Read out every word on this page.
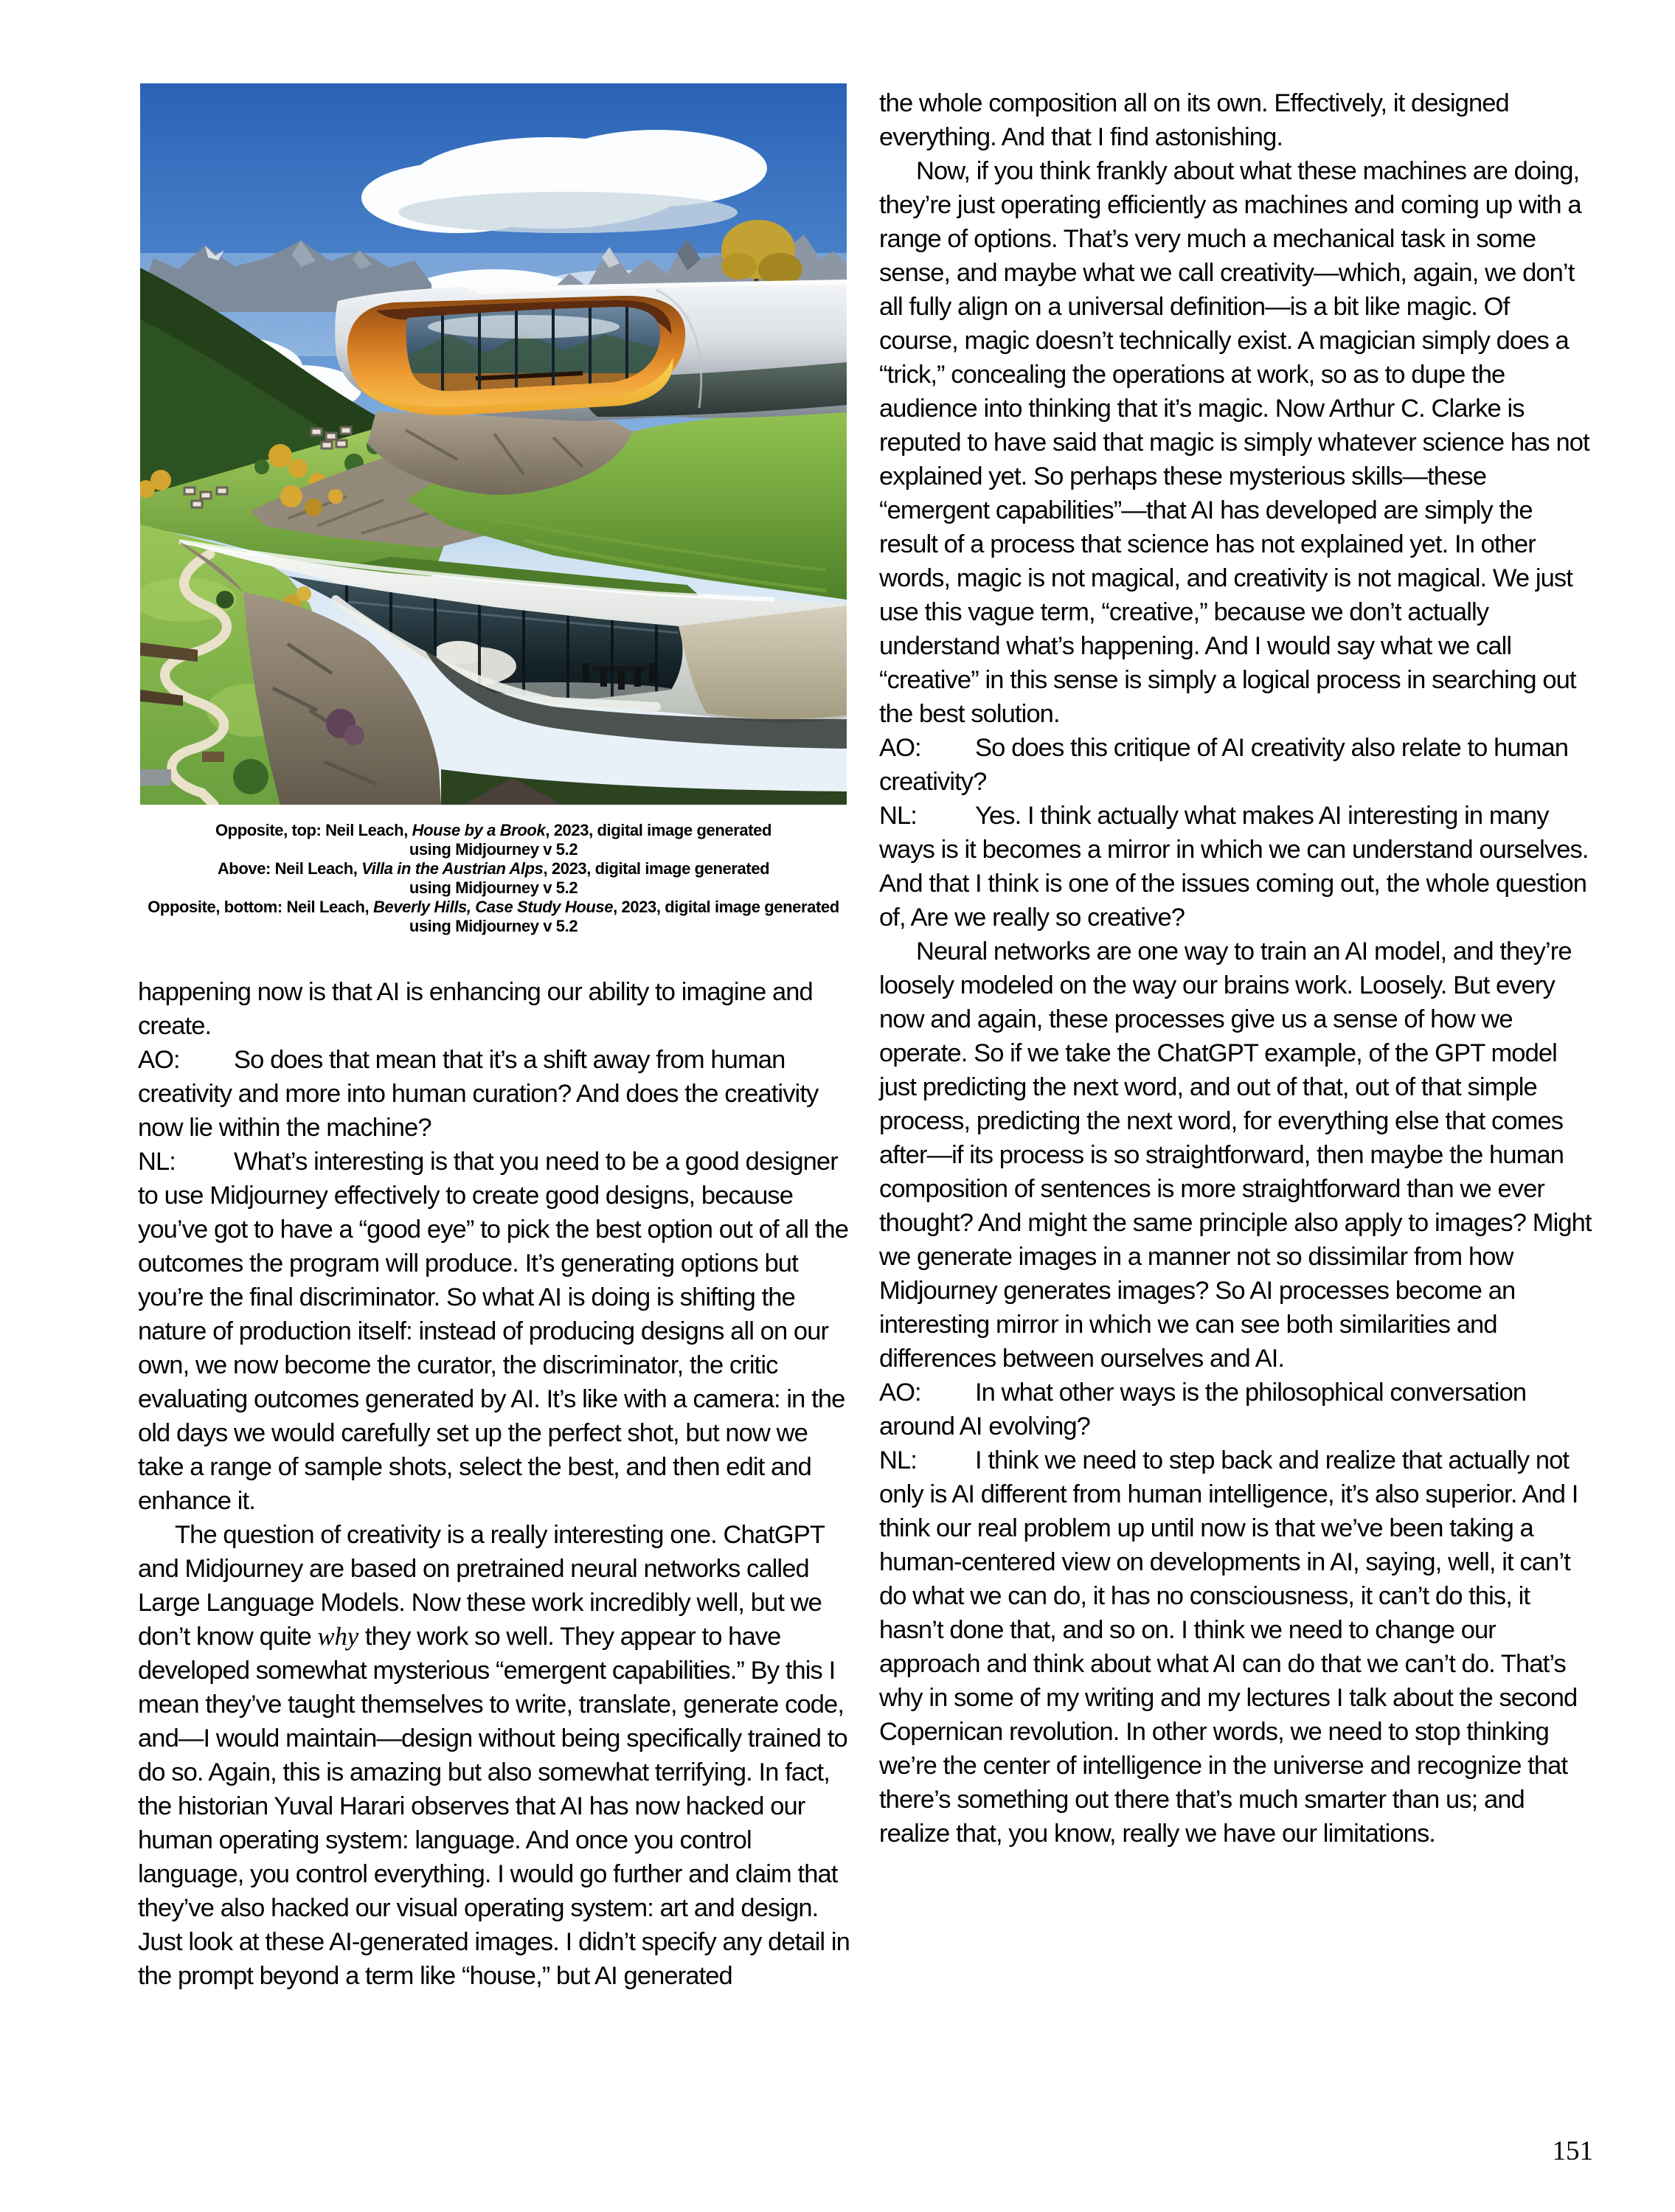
Opposite, top: Neil Leach, House by a Brook, 2023, digital image generated
using Midjourney v 5.2
Above: Neil Leach, Villa in the Austrian Alps, 2023, digital image generated
using Midjourney v 5.2
Opposite, bottom: Neil Leach, Beverly Hills, Case Study House, 2023, digital image generated
using Midjourney v 5.2

happening now is that AI is enhancing our ability to imagine and create.

AO: So does that mean that it’s a shift away from human creativity and more into human curation? And does the creativity now lie within the machine?

NL: What’s interesting is that you need to be a good designer to use Midjourney effectively to create good designs, because you’ve got to have a “good eye” to pick the best option out of all the outcomes the program will produce. It’s generating options but you’re the final discriminator. So what AI is doing is shifting the nature of production itself: instead of producing designs all on our own, we now become the curator, the discriminator, the critic evaluating outcomes generated by AI. It’s like with a camera: in the old days we would carefully set up the perfect shot, but now we take a range of sample shots, select the best, and then edit and enhance it.

The question of creativity is a really interesting one. ChatGPT and Midjourney are based on pretrained neural networks called Large Language Models. Now these work incredibly well, but we don’t know quite why they work so well. They appear to have developed somewhat mysterious “emergent capabilities.” By this I mean they’ve taught themselves to write, translate, generate code, and—I would maintain—design without being specifically trained to do so. Again, this is amazing but also somewhat terrifying. In fact, the historian Yuval Harari observes that AI has now hacked our human operating system: language. And once you control language, you control everything. I would go further and claim that they’ve also hacked our visual operating system: art and design. Just look at these AI-generated images. I didn’t specify any detail in the prompt beyond a term like “house,” but AI generated

the whole composition all on its own. Effectively, it designed everything. And that I find astonishing.

Now, if you think frankly about what these machines are doing, they’re just operating efficiently as machines and coming up with a range of options. That’s very much a mechanical task in some sense, and maybe what we call creativity—which, again, we don’t all fully align on a universal definition—is a bit like magic. Of course, magic doesn’t technically exist. A magician simply does a “trick,” concealing the operations at work, so as to dupe the audience into thinking that it’s magic. Now Arthur C. Clarke is reputed to have said that magic is simply whatever science has not explained yet. So perhaps these mysterious skills—these “emergent capabilities”—that AI has developed are simply the result of a process that science has not explained yet. In other words, magic is not magical, and creativity is not magical. We just use this vague term, “creative,” because we don’t actually understand what’s happening. And I would say what we call “creative” in this sense is simply a logical process in searching out the best solution.

AO: So does this critique of AI creativity also relate to human creativity?

NL: Yes. I think actually what makes AI interesting in many ways is it becomes a mirror in which we can understand ourselves. And that I think is one of the issues coming out, the whole question of, Are we really so creative?

Neural networks are one way to train an AI model, and they’re loosely modeled on the way our brains work. Loosely. But every now and again, these processes give us a sense of how we operate. So if we take the ChatGPT example, of the GPT model just predicting the next word, and out of that, out of that simple process, predicting the next word, for everything else that comes after—if its process is so straightforward, then maybe the human composition of sentences is more straightforward than we ever thought? And might the same principle also apply to images? Might we generate images in a manner not so dissimilar from how Midjourney generates images? So AI processes become an interesting mirror in which we can see both similarities and differences between ourselves and AI.

AO: In what other ways is the philosophical conversation around AI evolving?

NL: I think we need to step back and realize that actually not only is AI different from human intelligence, it’s also superior. And I think our real problem up until now is that we’ve been taking a human-centered view on developments in AI, saying, well, it can’t do what we can do, it has no consciousness, it can’t do this, it hasn’t done that, and so on. I think we need to change our approach and think about what AI can do that we can’t do. That’s why in some of my writing and my lectures I talk about the second Copernican revolution. In other words, we need to stop thinking we’re the center of intelligence in the universe and recognize that there’s something out there that’s much smarter than us; and realize that, you know, really we have our limitations.

151
